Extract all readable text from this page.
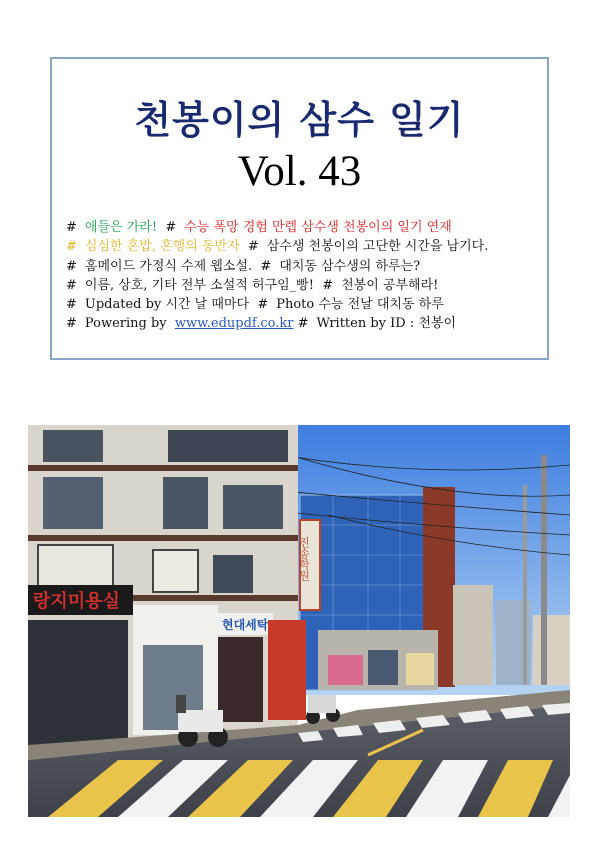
천봉이의 삼수 일기
Vol. 43
# 애들은 가라! # 수능 폭망 경험 만렙 삼수생 천봉이의 일기 연재
# 심심한 혼밥, 혼행의 동반자 # 삼수생 천봉이의 고단한 시간을 남기다.
# 홈메이드 가정식 수제 웹소설. # 대치동 삼수생의 하루는?
# 이름, 상호, 기타 전부 소설적 허구임_빵! # 천봉이 공부해라!
# Updated by 시간 날 때마다 # Photo 수능 전날 대치동 하루
# Powering by www.edupdf.co.kr # Written by ID : 천봉이
랑지미용실
현대세탁
진송학원
